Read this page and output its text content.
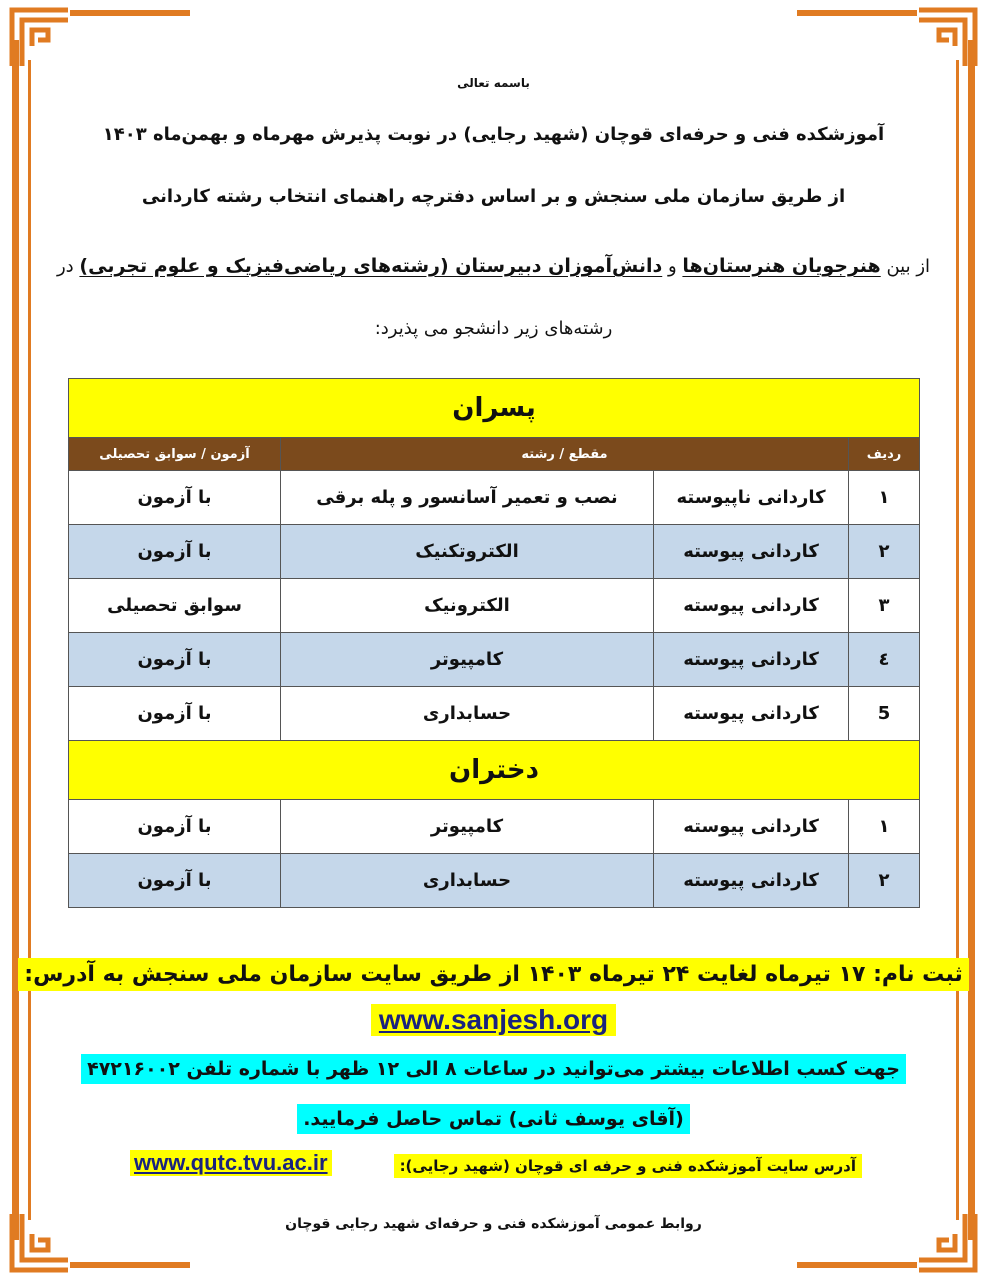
باسمه تعالی
آموزشکده فنی و حرفه‌ای قوچان (شهید رجایی) در نوبت پذیرش مهرماه و بهمن‌ماه ۱۴۰۳
از طریق سازمان ملی سنجش و بر اساس دفترچه راهنمای انتخاب رشته کاردانی
از بین هنرجویان هنرستان‌ها و دانش‌آموزان دبیرستان (رشته‌های ریاضی‌فیزیک و علوم تجربی) در
رشته‌های زیر دانشجو می پذیرد:
پسران			
ردیف	مقطع / رشته		آزمون / سوابق تحصیلی
۱	کاردانی ناپیوسته	نصب و تعمیر آسانسور و پله برقی	با آزمون
۲	کاردانی پیوسته	الکتروتکنیک	با آزمون
۳	کاردانی پیوسته	الکترونیک	سوابق تحصیلی
٤	کاردانی پیوسته	کامپیوتر	با آزمون
5	کاردانی پیوسته	حسابداری	با آزمون
دختران			
۱	کاردانی پیوسته	کامپیوتر	با آزمون
۲	کاردانی پیوسته	حسابداری	با آزمون
ثبت نام: ۱۷ تیرماه لغایت ۲۴ تیرماه ۱۴۰۳ از طریق سایت سازمان ملی سنجش به آدرس:
www.sanjesh.org
جهت کسب اطلاعات بیشتر می‌توانید در ساعات ۸ الی ۱۲ ظهر با شماره تلفن ۴۷۲۱۶۰۰۲
(آقای یوسف ثانی) تماس حاصل فرمایید.
آدرس سایت آموزشکده فنی و حرفه ای قوچان (شهید رجایی):
www.qutc.tvu.ac.ir
روابط عمومی آموزشکده فنی و حرفه‌ای شهید رجایی قوچان
